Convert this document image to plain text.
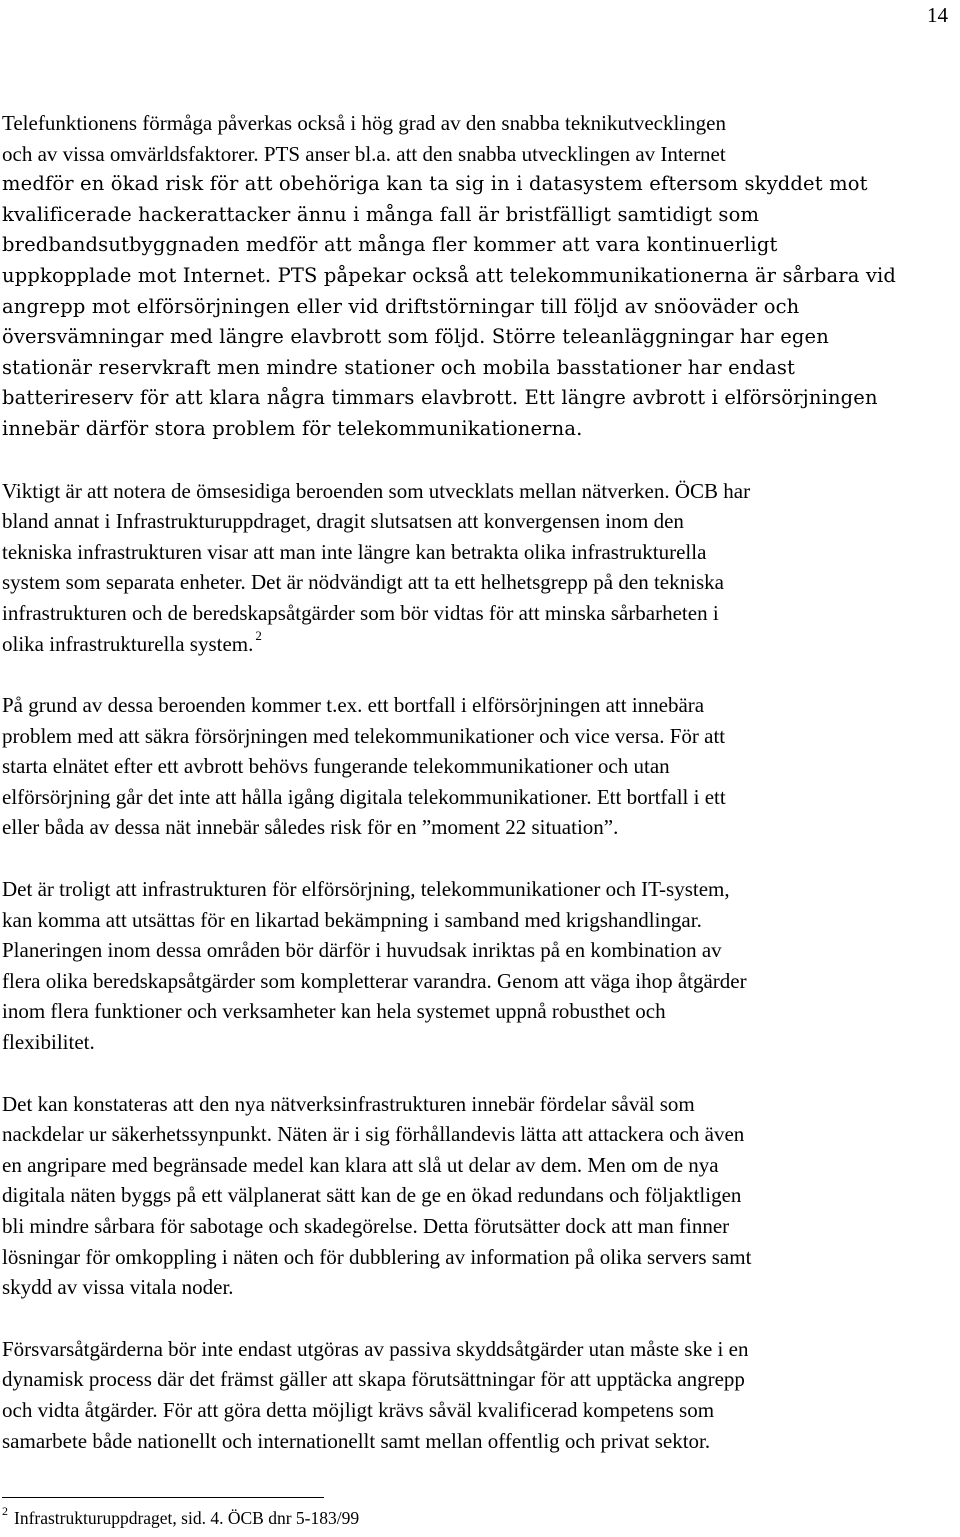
14

Telefunktionens förmåga påverkas också i hög grad av den snabba teknikutvecklingen
och av vissa omvärldsfaktorer. PTS anser bl.a. att den snabba utvecklingen av Internet
medför en ökad risk för att obehöriga kan ta sig in i datasystem eftersom skyddet mot
kvalificerade hackerattacker ännu i många fall är bristfälligt samtidigt som
bredbandsutbyggnaden medför att många fler kommer att vara kontinuerligt
uppkopplade mot Internet. PTS påpekar också att telekommunikationerna är sårbara vid
angrepp mot elförsörjningen eller vid driftstörningar till följd av snöoväder och
översvämningar med längre elavbrott som följd. Större teleanläggningar har egen
stationär reservkraft men mindre stationer och mobila basstationer har endast
batterireserv för att klara några timmars elavbrott. Ett längre avbrott i elförsörjningen
innebär därför stora problem för telekommunikationerna.

Viktigt är att notera de ömsesidiga beroenden som utvecklats mellan nätverken. ÖCB har
bland annat i Infrastrukturuppdraget, dragit slutsatsen att konvergensen inom den
tekniska infrastrukturen visar att man inte längre kan betrakta olika infrastrukturella
system som separata enheter. Det är nödvändigt att ta ett helhetsgrepp på den tekniska
infrastrukturen och de beredskapsåtgärder som bör vidtas för att minska sårbarheten i
olika infrastrukturella system. $^2$

På grund av dessa beroenden kommer t.ex. ett bortfall i elförsörjningen att innebära
problem med att säkra försörjningen med telekommunikationer och vice versa. För att
starta elnätet efter ett avbrott behövs fungerande telekommunikationer och utan
elförsörjning går det inte att hålla igång digitala telekommunikationer. Ett bortfall i ett
eller båda av dessa nät innebär således risk för en ”moment 22 situation”.

Det är troligt att infrastrukturen för elförsörjning, telekommunikationer och IT-system,
kan komma att utsättas för en likartad bekämpning i samband med krigshandlingar.
Planeringen inom dessa områden bör därför i huvudsak inriktas på en kombination av
flera olika beredskapsåtgärder som kompletterar varandra. Genom att väga ihop åtgärder
inom flera funktioner och verksamheter kan hela systemet uppnå robusthet och
flexibilitet.

Det kan konstateras att den nya nätverksinfrastrukturen innebär fördelar såväl som
nackdelar ur säkerhetssynpunkt. Näten är i sig förhållandevis lätta att attackera och även
en angripare med begränsade medel kan klara att slå ut delar av dem. Men om de nya
digitala näten byggs på ett välplanerat sätt kan de ge en ökad redundans och följaktligen
bli mindre sårbara för sabotage och skadegörelse. Detta förutsätter dock att man finner
lösningar för omkoppling i näten och för dubblering av information på olika servers samt
skydd av vissa vitala noder.

Försvarsåtgärderna bör inte endast utgöras av passiva skyddsåtgärder utan måste ske i en
dynamisk process där det främst gäller att skapa förutsättningar för att upptäcka angrepp
och vidta åtgärder. För att göra detta möjligt krävs såväl kvalificerad kompetens som
samarbete både nationellt och internationellt samt mellan offentlig och privat sektor.

$^2$ Infrastrukturuppdraget, sid. 4. ÖCB dnr 5-183/99
